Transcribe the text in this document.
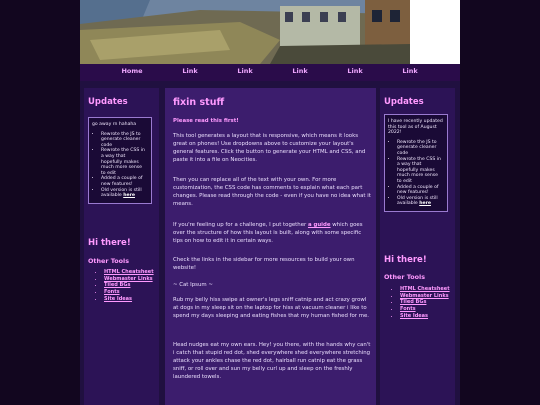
Home	Link	Link	Link	Link	Link
Updates

go away rn hahaha

• Rewrote the JS to generate cleaner code
• Rewrote the CSS in a way that hopefully makes much more sense to edit
• Added a couple of new features!
• Old version is still available here
Hi there!
Other Tools
• HTML Cheatsheet
• Webmaster Links
• Tiled BGs
• Fonts
• Site Ideas
fixin stuff

Please read this first!

This tool generates a layout that is responsive, which means it looks great on phones! Use dropdowns above to customize your layout's general features. Click the button to generate your HTML and CSS, and paste it into a file on Neocities.

Then you can replace all of the text with your own. For more customization, the CSS code has comments to explain what each part changes. Please read through the code - even if you have no idea what it means.

If you're feeling up for a challenge, I put together a guide which goes over the structure of how this layout is built, along with some specific tips on how to edit it in certain ways.

Check the links in the sidebar for more resources to build your own website!

~ Cat Ipsum ~

Rub my belly hiss swipe at owner's legs sniff catnip and act crazy growl at dogs in my sleep sit on the laptop for hiss at vacuum cleaner i like to spend my days sleeping and eating fishes that my human fished for me.

Head nudges eat my own ears. Hey! you there, with the hands why can't i catch that stupid red dot, shed everywhere shed everywhere stretching attack your ankles chase the red dot, hairball run catnip eat the grass sniff, or roll over and sun my belly curl up and sleep on the freshly laundered towels.

Updates

I have recently updated this tool as of August 2022!

• Rewrote the JS to generate cleaner code
• Rewrote the CSS in a way that hopefully makes much more sense to edit
• Added a couple of new features!
• Old version is still available here
Hi there!
Other Tools
• HTML Cheatsheet
• Webmaster Links
• Tiled BGs
• Fonts
• Site Ideas
